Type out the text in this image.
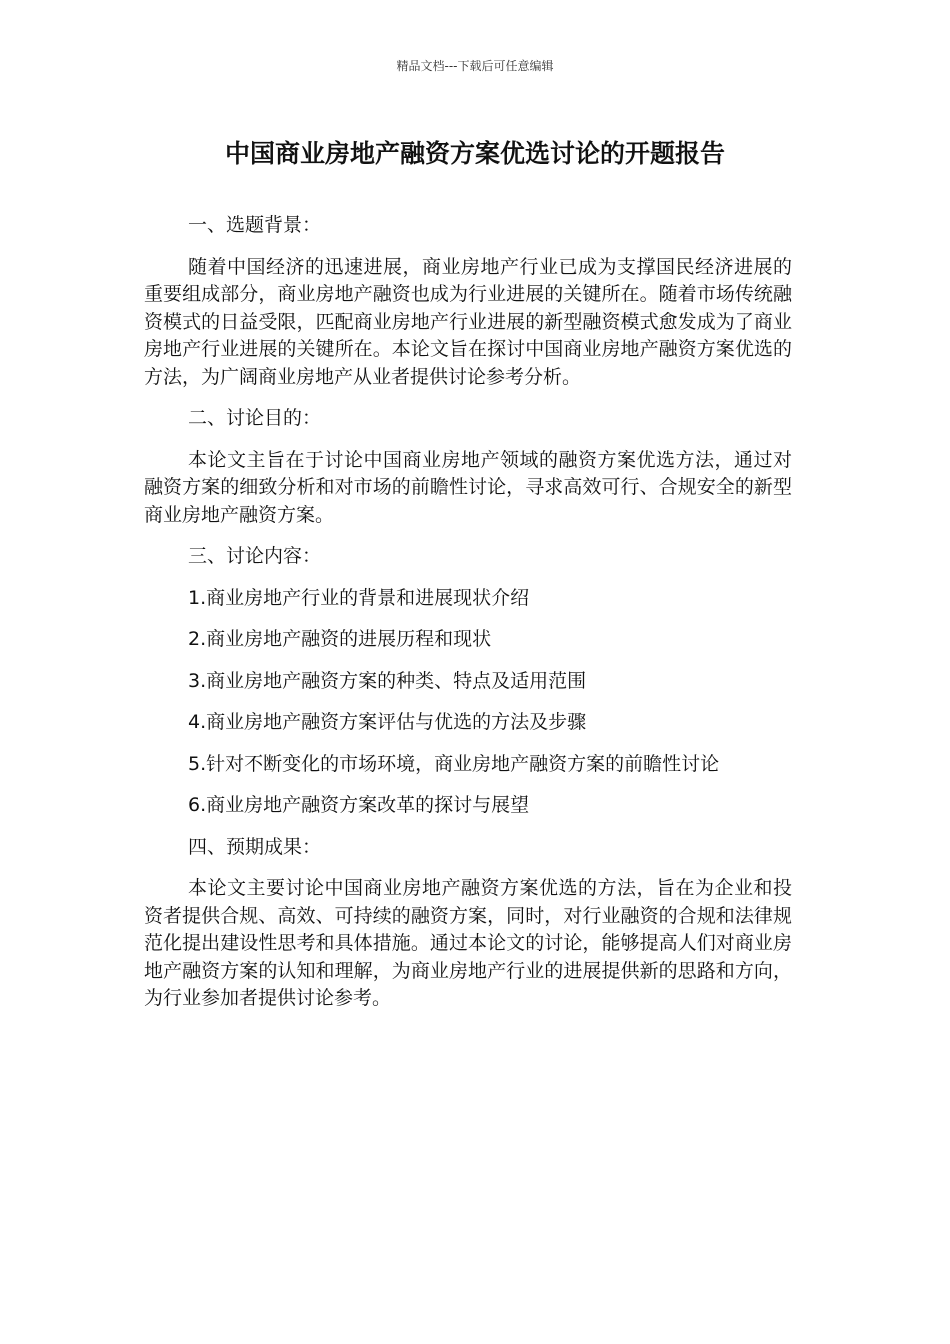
精品文档---下载后可任意编辑
中国商业房地产融资方案优选讨论的开题报告
一、选题背景：
随着中国经济的迅速进展，商业房地产行业已成为支撑国民经济进展的重要组成部分，商业房地产融资也成为行业进展的关键所在。随着市场传统融资模式的日益受限，匹配商业房地产行业进展的新型融资模式愈发成为了商业房地产行业进展的关键所在。本论文旨在探讨中国商业房地产融资方案优选的方法，为广阔商业房地产从业者提供讨论参考分析。
二、讨论目的：
本论文主旨在于讨论中国商业房地产领域的融资方案优选方法，通过对融资方案的细致分析和对市场的前瞻性讨论，寻求高效可行、合规安全的新型商业房地产融资方案。
三、讨论内容：
1.商业房地产行业的背景和进展现状介绍
2.商业房地产融资的进展历程和现状
3.商业房地产融资方案的种类、特点及适用范围
4.商业房地产融资方案评估与优选的方法及步骤
5.针对不断变化的市场环境，商业房地产融资方案的前瞻性讨论
6.商业房地产融资方案改革的探讨与展望
四、预期成果：
本论文主要讨论中国商业房地产融资方案优选的方法，旨在为企业和投资者提供合规、高效、可持续的融资方案，同时，对行业融资的合规和法律规范化提出建设性思考和具体措施。通过本论文的讨论，能够提高人们对商业房地产融资方案的认知和理解，为商业房地产行业的进展提供新的思路和方向，为行业参加者提供讨论参考。
